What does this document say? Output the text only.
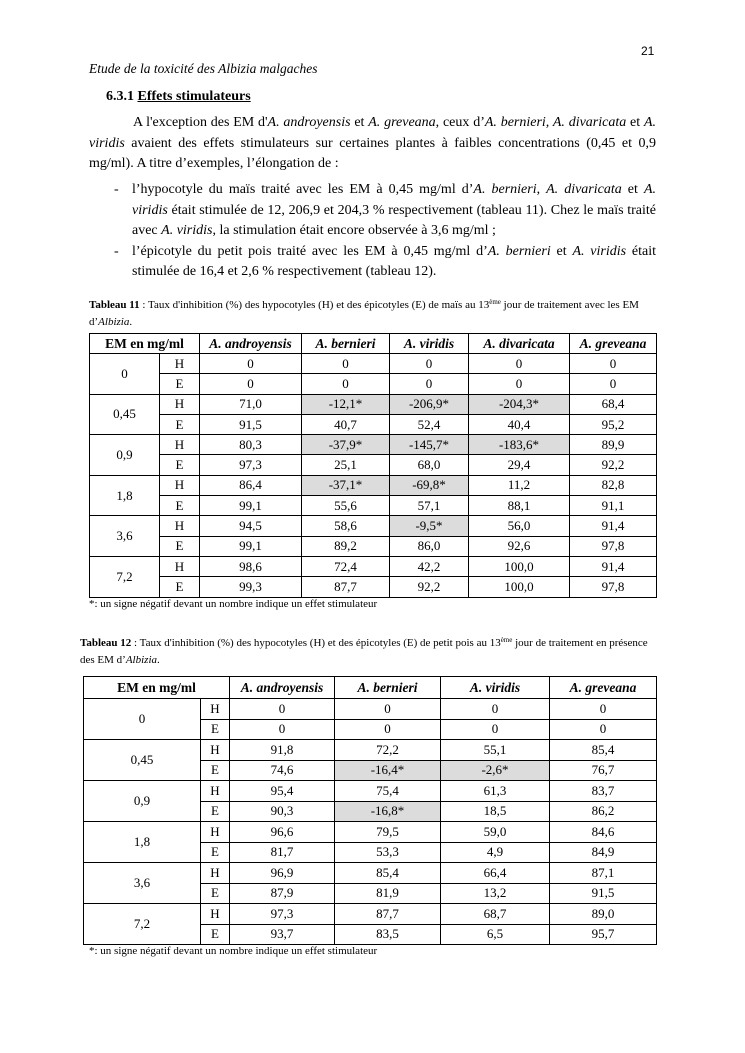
21
Etude de la toxicité des Albizia malgaches
6.3.1 Effets stimulateurs

A l'exception des EM d'A. androyensis et A. greveana, ceux d’A. bernieri, A. divaricata et A. viridis avaient des effets stimulateurs sur certaines plantes à faibles concentrations (0,45 et 0,9 mg/ml). A titre d’exemples, l’élongation de :

- l’hypocotyle du maïs traité avec les EM à 0,45 mg/ml d’A. bernieri, A. divaricata et A. viridis était stimulée de 12, 206,9 et 204,3 % respectivement (tableau 11). Chez le maïs traité avec A. viridis, la stimulation était encore observée à 3,6 mg/ml ;
- l’épicotyle du petit pois traité avec les EM à 0,45 mg/ml d’A. bernieri et A. viridis était stimulée de 16,4 et 2,6 % respectivement (tableau 12).

Tableau 11 : Taux d'inhibition (%) des hypocotyles (H) et des épicotyles (E) de maïs au 13ème jour de traitement avec les EM d’Albizia.

EM en mg/ml		A. androyensis	A. bernieri	A. viridis	A. divaricata	A. greveana
0	H	0	0	0	0	0
	E	0	0	0	0	0
0,45	H	71,0	-12,1*	-206,9*	-204,3*	68,4
	E	91,5	40,7	52,4	40,4	95,2
0,9	H	80,3	-37,9*	-145,7*	-183,6*	89,9
	E	97,3	25,1	68,0	29,4	92,2
1,8	H	86,4	-37,1*	-69,8*	11,2	82,8
	E	99,1	55,6	57,1	88,1	91,1
3,6	H	94,5	58,6	-9,5*	56,0	91,4
	E	99,1	89,2	86,0	92,6	97,8
7,2	H	98,6	72,4	42,2	100,0	91,4
	E	99,3	87,7	92,2	100,0	97,8

*: un signe négatif devant un nombre indique un effet stimulateur

Tableau 12 : Taux d'inhibition (%) des hypocotyles (H) et des épicotyles (E) de petit pois au 13ème jour de traitement en présence des EM d’Albizia.

EM en mg/ml		A. androyensis	A. bernieri	A. viridis	A. greveana
0	H	0	0	0	0
	E	0	0	0	0
0,45	H	91,8	72,2	55,1	85,4
	E	74,6	-16,4*	-2,6*	76,7
0,9	H	95,4	75,4	61,3	83,7
	E	90,3	-16,8*	18,5	86,2
1,8	H	96,6	79,5	59,0	84,6
	E	81,7	53,3	4,9	84,9
3,6	H	96,9	85,4	66,4	87,1
	E	87,9	81,9	13,2	91,5
7,2	H	97,3	87,7	68,7	89,0
	E	93,7	83,5	6,5	95,7

*: un signe négatif devant un nombre indique un effet stimulateur
